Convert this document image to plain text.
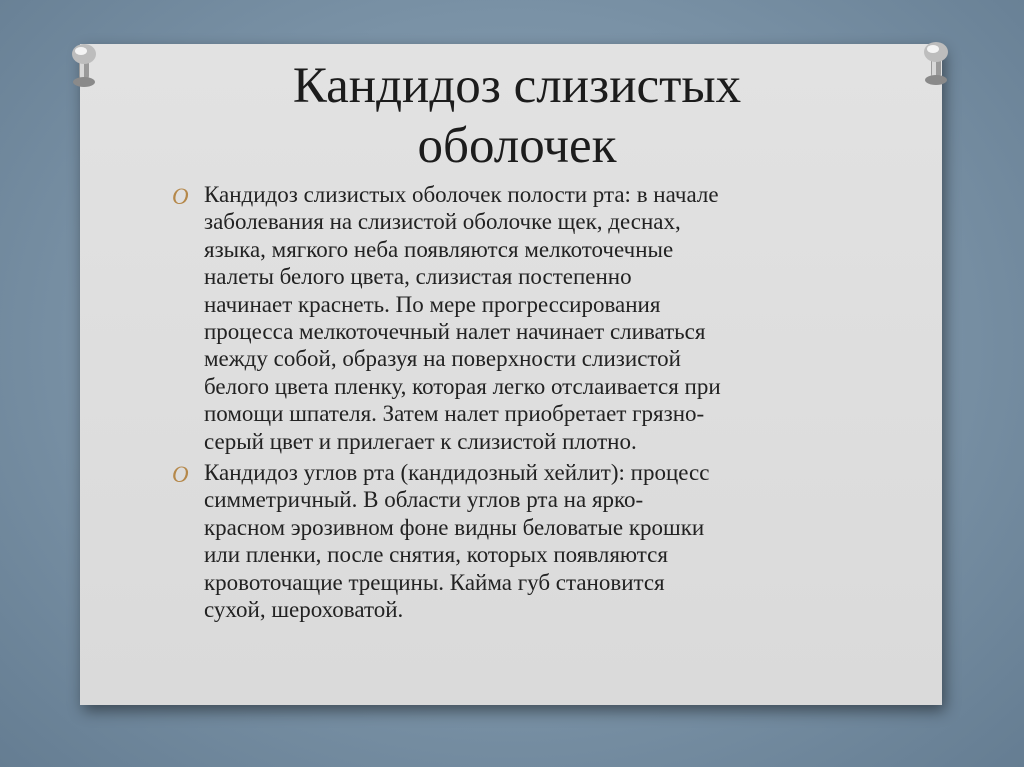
Кандидоз слизистых
оболочек
O Кандидоз слизистых оболочек полости рта: в начале
заболевания на слизистой оболочке щек, деснах,
языка, мягкого неба появляются мелкоточечные
налеты белого цвета, слизистая постепенно
начинает краснеть. По мере прогрессирования
процесса мелкоточечный налет начинает сливаться
между собой, образуя на поверхности слизистой
белого цвета пленку, которая легко отслаивается при
помощи шпателя. Затем налет приобретает грязно-
серый цвет и прилегает к слизистой плотно.
O Кандидоз углов рта (кандидозный хейлит): процесс
симметричный. В области углов рта на ярко-
красном эрозивном фоне видны беловатые крошки
или пленки, после снятия, которых появляются
кровоточащие трещины. Кайма губ становится
сухой, шероховатой.
